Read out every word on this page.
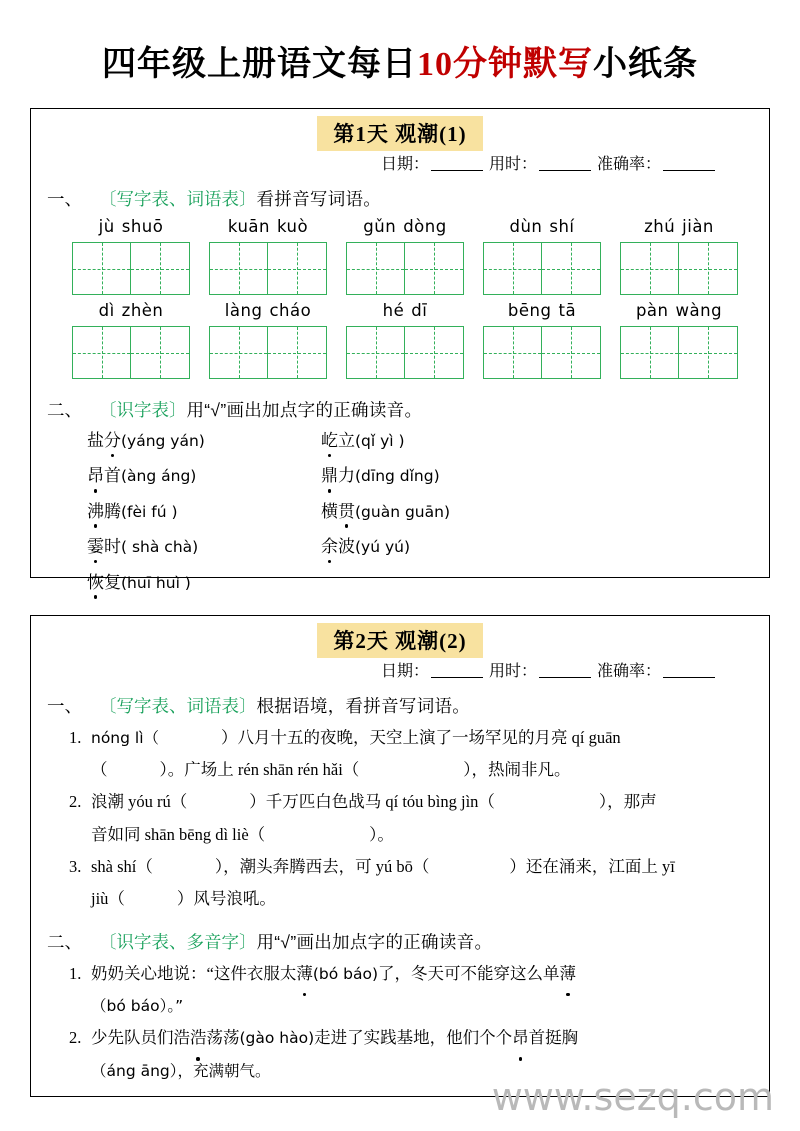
四年级上册语文每日10分钟默写小纸条
第1天 观潮(1)
日期：	用时：	准确率：
一、 〔写字表、词语表〕 看拼音写词语。
jù shuō	kuān kuò	gǔn dòng	dùn shí	zhú jiàn
dì zhèn	làng cháo	hé dī	bēng tā	pàn wàng
二、 〔识字表〕 用“√”画出加点字的正确读音。
盐分(yáng yán)	屹立(qǐ yì )
昂首(àng áng)	鼎力(dīng dǐng)
沸腾(fèi fú )	横贯(guàn guān)
霎时( shà chà)	余波(yú yú)
恢复(huī huì )
第2天 观潮(2)
日期：	用时：	准确率：
一、 〔写字表、词语表〕 根据语境，看拼音写词语。
1. nóng lì（	）八月十五的夜晚，天空上演了一场罕见的月亮 qí guān
（	）。广场上 rén shān rén hǎi（	），热闹非凡。
2. 浪潮 yóu rú（	）千万匹白色战马 qí tóu bìng jìn（	），那声
音如同 shān bēng dì liè（	）。
3. shà shí（	），潮头奔腾西去，可 yú bō（	）还在涌来，江面上 yī
jiù（	）风号浪吼。
二、 〔识字表、多音字〕 用“√”画出加点字的正确读音。
1. 奶奶关心地说：“这件衣服太薄(bó báo)了，冬天可不能穿这么单薄
（bó báo）。”
2. 少先队员们浩浩荡荡(gào hào)走进了实践基地，他们个个昂首挺胸
（áng āng），充满朝气。
www.sezq.com
